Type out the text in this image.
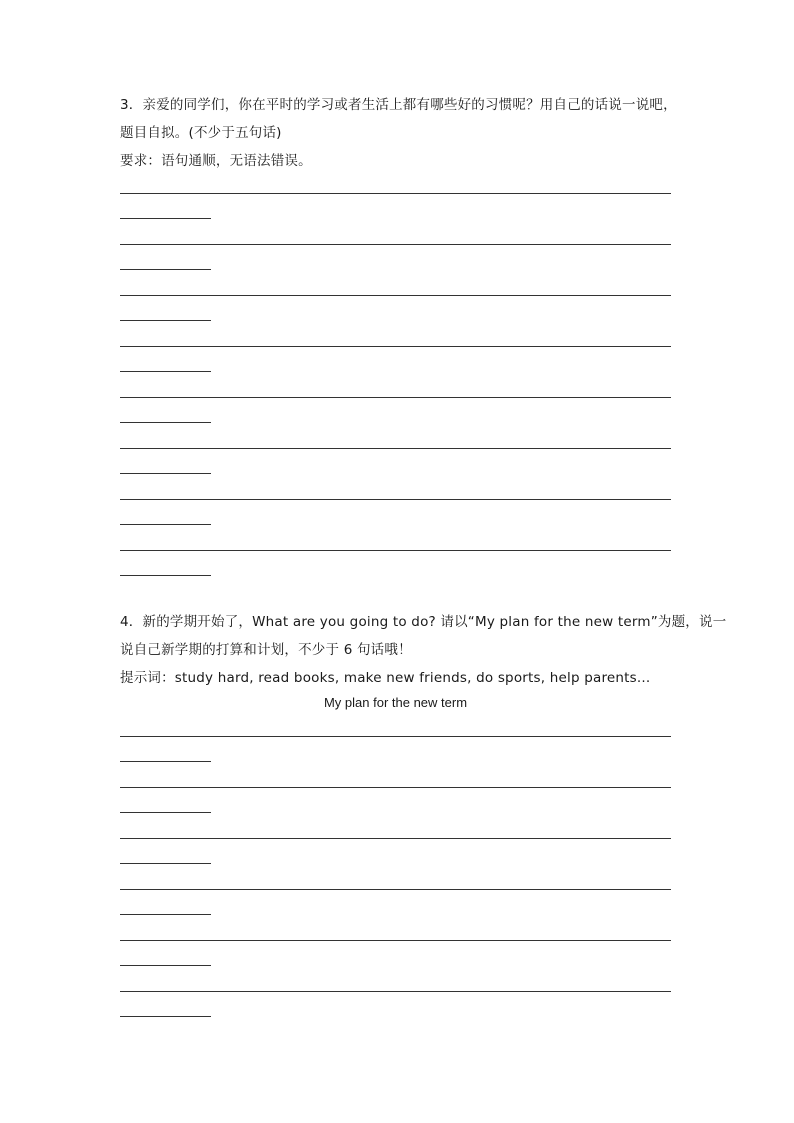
3．亲爱的同学们，你在平时的学习或者生活上都有哪些好的习惯呢？用自己的话说一说吧，
题目自拟。(不少于五句话)
要求：语句通顺，无语法错误。
4．新的学期开始了，What are you going to do? 请以“My plan for the new term”为题，说一
说自己新学期的打算和计划，不少于 6 句话哦！
提示词：study hard, read books, make new friends, do sports, help parents...
My plan for the new term
